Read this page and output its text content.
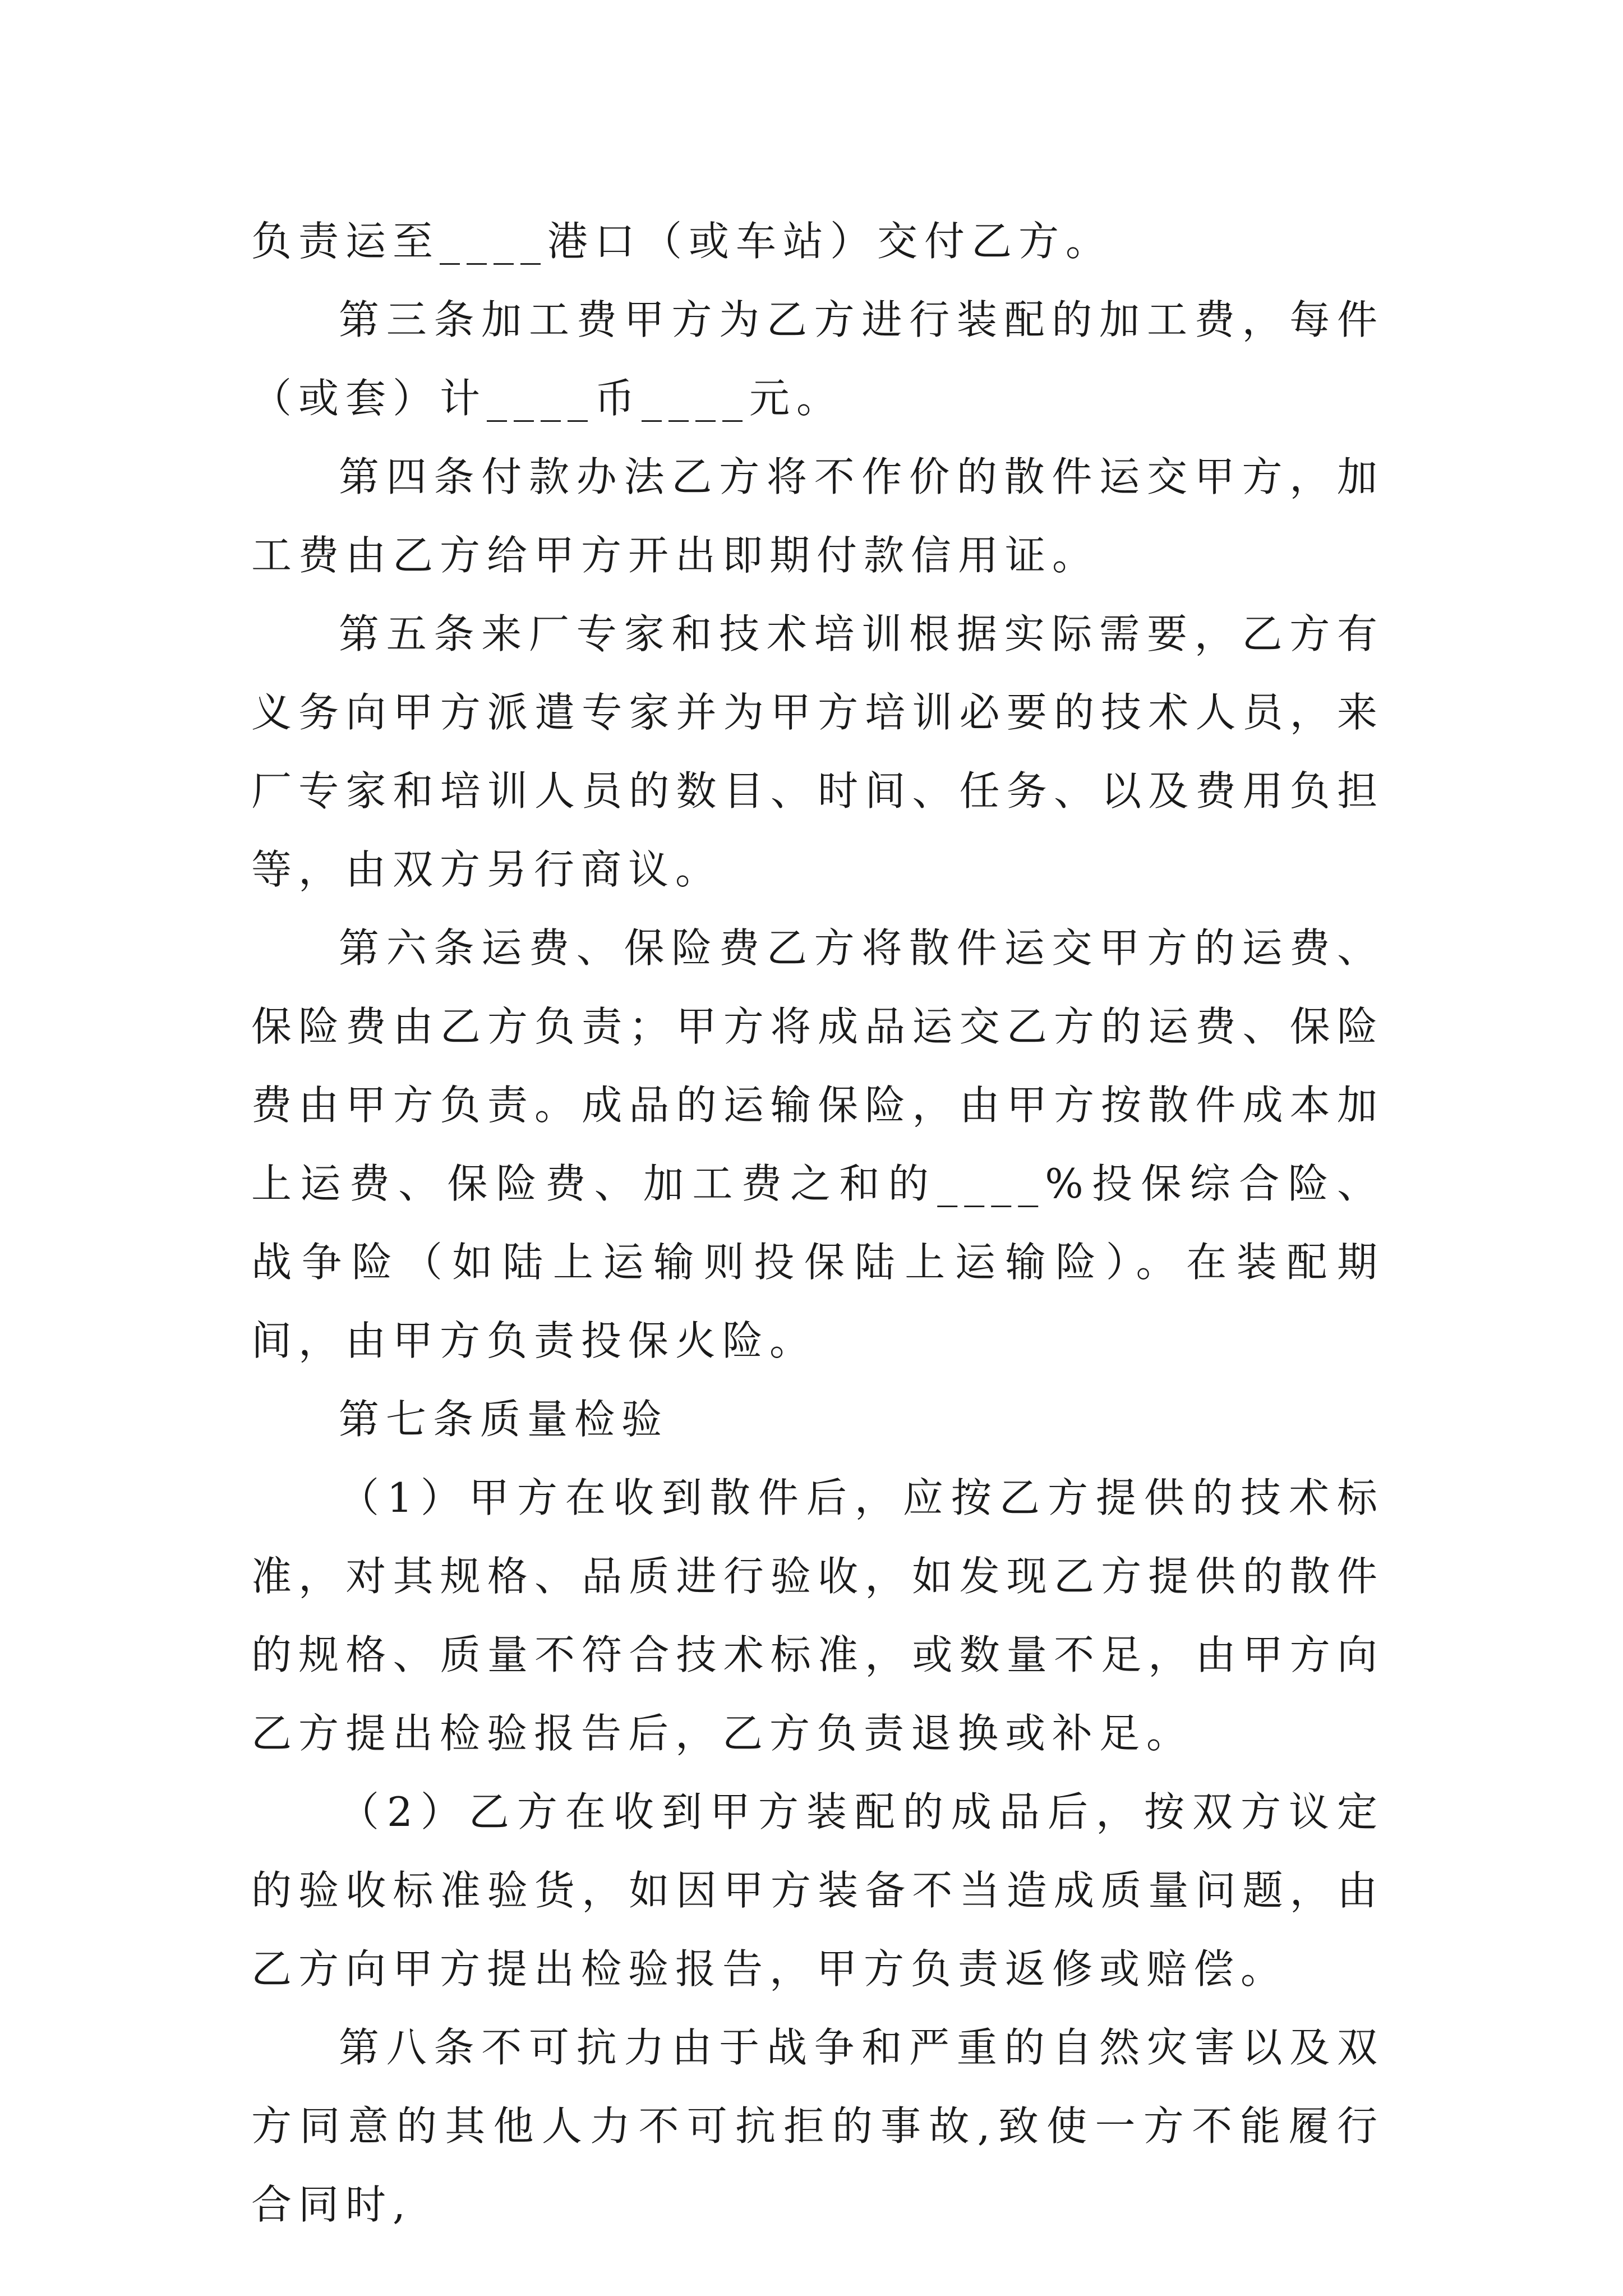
负责运至____港口（或车站）交付乙方。

第三条加工费甲方为乙方进行装配的加工费，每件（或套）计____币____元。

第四条付款办法乙方将不作价的散件运交甲方，加工费由乙方给甲方开出即期付款信用证。

第五条来厂专家和技术培训根据实际需要，乙方有义务向甲方派遣专家并为甲方培训必要的技术人员，来厂专家和培训人员的数目、时间、任务、以及费用负担等，由双方另行商议。

第六条运费、保险费乙方将散件运交甲方的运费、保险费由乙方负责；甲方将成品运交乙方的运费、保险费由甲方负责。成品的运输保险，由甲方按散件成本加上运费、保险费、加工费之和的____%投保综合险、战争险（如陆上运输则投保陆上运输险）。在装配期间，由甲方负责投保火险。

第七条质量检验

（1）甲方在收到散件后，应按乙方提供的技术标准，对其规格、品质进行验收，如发现乙方提供的散件的规格、质量不符合技术标准，或数量不足，由甲方向乙方提出检验报告后，乙方负责退换或补足。

（2）乙方在收到甲方装配的成品后，按双方议定的验收标准验货，如因甲方装备不当造成质量问题，由乙方向甲方提出检验报告，甲方负责返修或赔偿。

第八条不可抗力由于战争和严重的自然灾害以及双方同意的其他人力不可抗拒的事故,致使一方不能履行合同时,
